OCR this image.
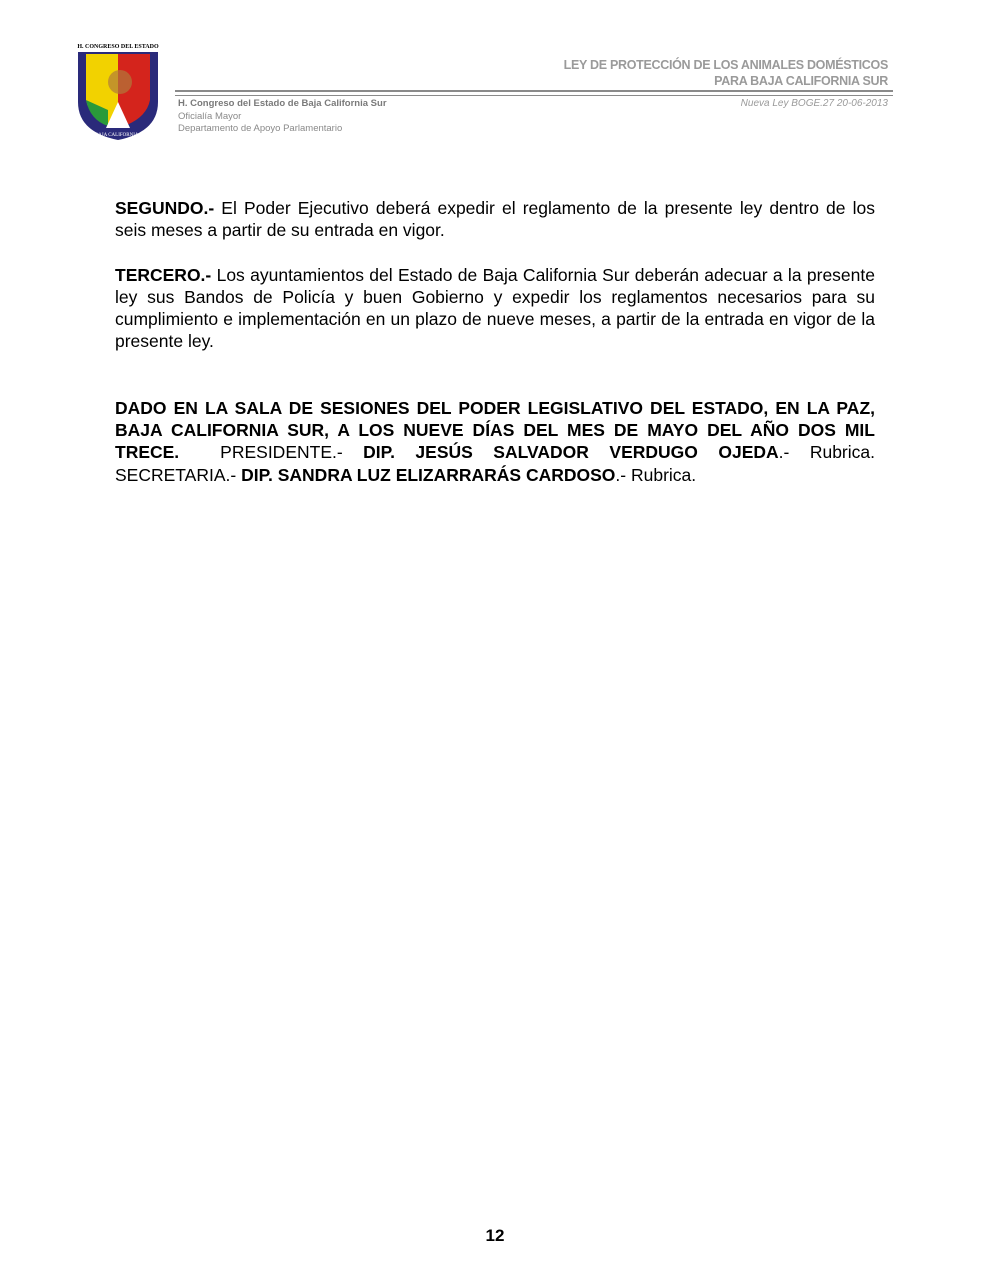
H. CONGRESO DEL ESTADO
DE BAJA CALIFORNIA SUR
LEY DE PROTECCIÓN DE LOS ANIMALES DOMÉSTICOS
PARA BAJA CALIFORNIA SUR
H. Congreso del Estado de Baja California Sur
Oficialía Mayor
Departamento de Apoyo Parlamentario
Nueva Ley BOGE.27 20-06-2013

SEGUNDO.- El Poder Ejecutivo deberá expedir el reglamento de la presente ley dentro de los seis meses a partir de su entrada en vigor.

TERCERO.- Los ayuntamientos del Estado de Baja California Sur deberán adecuar a la presente ley sus Bandos de Policía y buen Gobierno y expedir los reglamentos necesarios para su cumplimiento e implementación en un plazo de nueve meses, a partir de la entrada en vigor de la presente ley.

DADO EN LA SALA DE SESIONES DEL PODER LEGISLATIVO DEL ESTADO, EN LA PAZ, BAJA CALIFORNIA SUR, A LOS NUEVE DÍAS DEL MES DE MAYO DEL AÑO DOS MIL TRECE.  PRESIDENTE.- DIP. JESÚS SALVADOR VERDUGO OJEDA.- Rubrica.   SECRETARIA.- DIP. SANDRA LUZ ELIZARRARÁS CARDOSO.- Rubrica.

12
